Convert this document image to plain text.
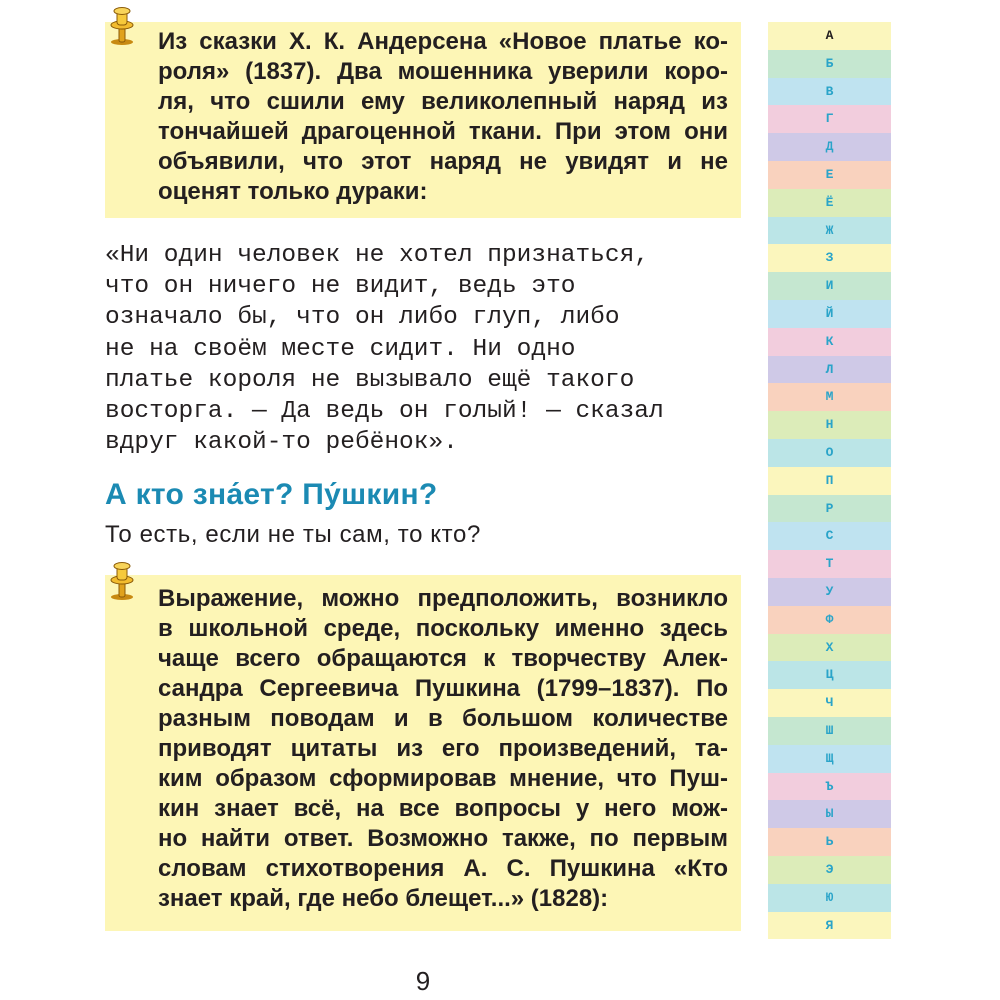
Из сказки Х. К. Андерсена «Новое платье ко-
роля» (1837). Два мошенника уверили коро-
ля, что сшили ему великолепный наряд из
тончайшей драгоценной ткани. При этом они
объявили, что этот наряд не увидят и не
оценят только дураки:
«Ни один человек не хотел признаться,
что он ничего не видит, ведь это
означало бы, что он либо глуп, либо
не на своём месте сидит. Ни одно
платье короля не вызывало ещё такого
восторга. — Да ведь он голый! — сказал
вдруг какой-то ребёнок».
А кто зна́ет? Пу́шкин?
То есть, если не ты сам, то кто?
Выражение, можно предположить, возникло
в школьной среде, поскольку именно здесь
чаще всего обращаются к творчеству Алек-
сандра Сергеевича Пушкина (1799–1837). По
разным поводам и в большом количестве
приводят цитаты из его произведений, та-
ким образом сформировав мнение, что Пуш-
кин знает всё, на все вопросы у него мож-
но найти ответ. Возможно также, по первым
словам стихотворения А. С. Пушкина «Кто
знает край, где небо блещет...» (1828):
А
Б
В
Г
Д
Е
Ё
Ж
З
И
Й
К
Л
М
Н
О
П
Р
С
Т
У
Ф
Х
Ц
Ч
Ш
Щ
Ъ
Ы
Ь
Э
Ю
Я
9
